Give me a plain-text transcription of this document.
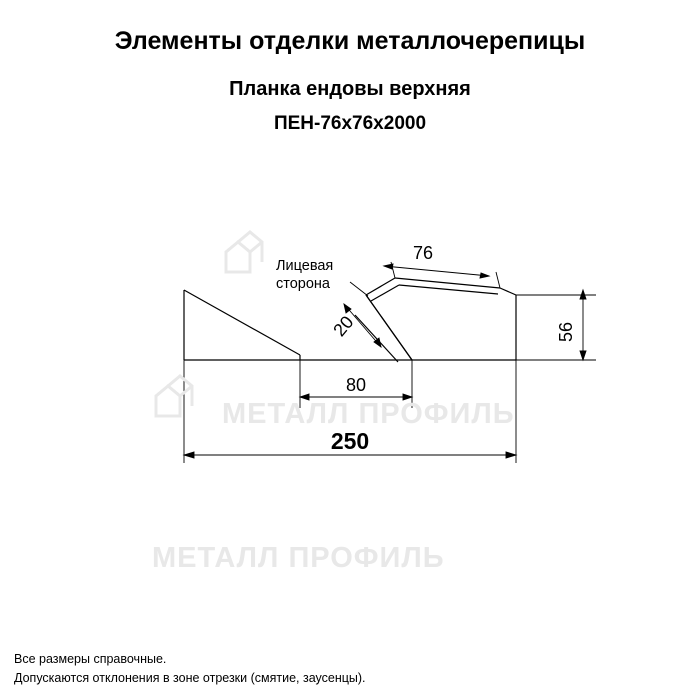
Элементы отделки металлочерепицы
Планка ендовы верхняя
ПЕН-76х76х2000
МЕТАЛЛ ПРОФИЛЬ
МЕТАЛЛ ПРОФИЛЬ
76
20	56
80
250
Лицевая
сторона
Все размеры справочные.
Допускаются отклонения в зоне отрезки (смятие, заусенцы).
